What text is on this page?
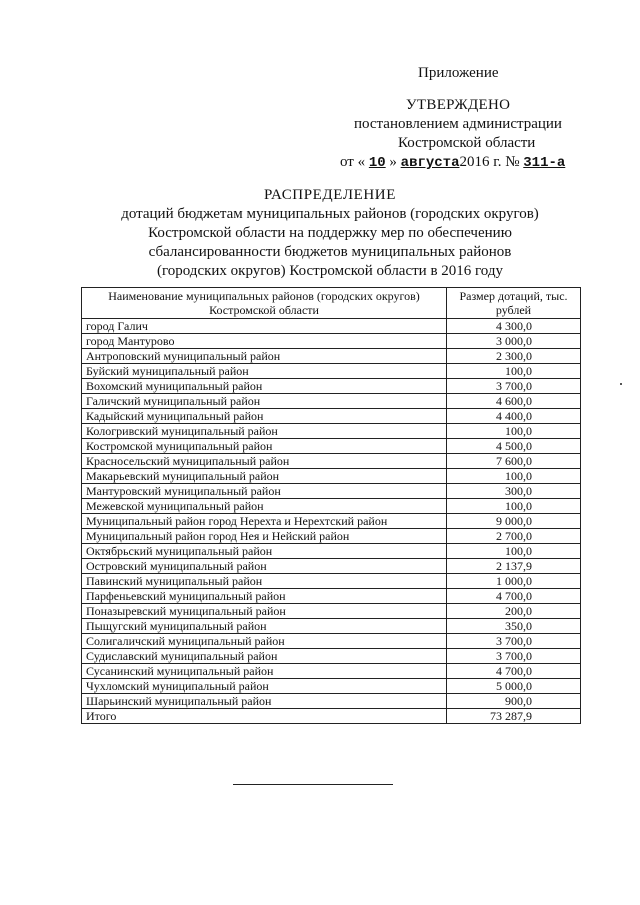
Приложение
УТВЕРЖДЕНО
постановлением администрации
Костромской области
от « 10 » августа2016 г. № 311-а
РАСПРЕДЕЛЕНИЕ
дотаций бюджетам муниципальных районов (городских округов)
Костромской области на поддержку мер по обеспечению
сбалансированности бюджетов муниципальных районов
(городских округов) Костромской области в 2016 году
Наименование муниципальных районов (городских округов) Костромской области	Размер дотаций, тыс. рублей
город Галич	4 300,0
город Мантурово	3 000,0
Антроповский муниципальный район	2 300,0
Буйский муниципальный район	100,0
Вохомский муниципальный район	3 700,0
Галичский муниципальный район	4 600,0
Кадыйский муниципальный район	4 400,0
Кологривский муниципальный район	100,0
Костромской муниципальный район	4 500,0
Красносельский муниципальный район	7 600,0
Макарьевский муниципальный район	100,0
Мантуровский муниципальный район	300,0
Межевской муниципальный район	100,0
Муниципальный район город Нерехта и Нерехтский район	9 000,0
Муниципальный район город Нея и Нейский район	2 700,0
Октябрьский муниципальный район	100,0
Островский муниципальный район	2 137,9
Павинский муниципальный район	1 000,0
Парфеньевский муниципальный район	4 700,0
Поназыревский муниципальный район	200,0
Пыщугский муниципальный район	350,0
Солигаличский муниципальный район	3 700,0
Судиславский муниципальный район	3 700,0
Сусанинский муниципальный район	4 700,0
Чухломский муниципальный район	5 000,0
Шарьинский муниципальный район	900,0
Итого	73 287,9
